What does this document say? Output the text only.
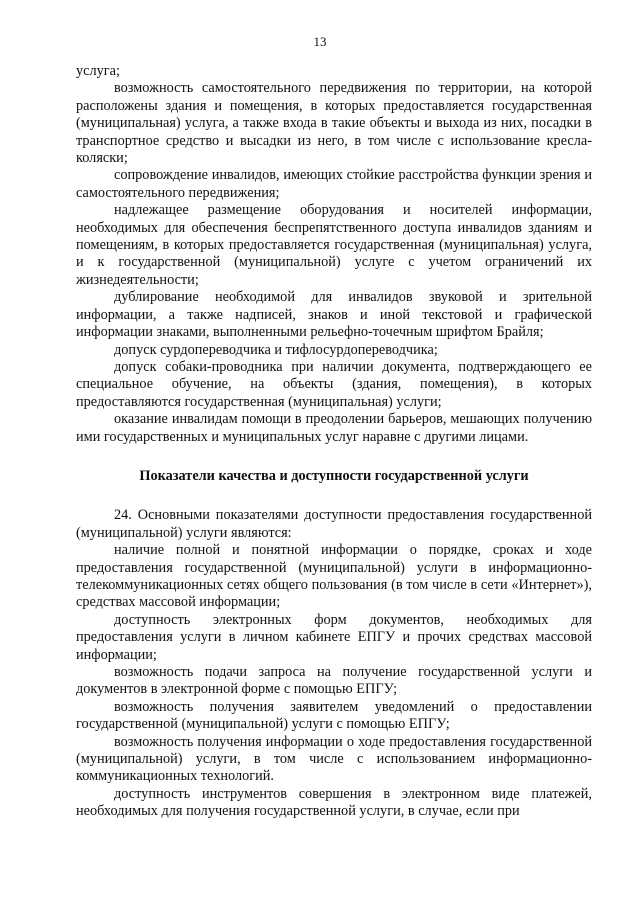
13

услуга;

возможность самостоятельного передвижения по территории, на которой расположены здания и помещения, в которых предоставляется государственная (муниципальная) услуга, а также входа в такие объекты и выхода из них, посадки в транспортное средство и высадки из него, в том числе с использование кресла-коляски;

сопровождение инвалидов, имеющих стойкие расстройства функции зрения и самостоятельного передвижения;

надлежащее размещение оборудования и носителей информации, необходимых для обеспечения беспрепятственного доступа инвалидов зданиям и помещениям, в которых предоставляется государственная (муниципальная) услуга, и к государственной (муниципальной) услуге с учетом ограничений их жизнедеятельности;

дублирование необходимой для инвалидов звуковой и зрительной информации, а также надписей, знаков и иной текстовой и графической информации знаками, выполненными рельефно-точечным шрифтом Брайля;

допуск сурдопереводчика и тифлосурдопереводчика;

допуск собаки-проводника при наличии документа, подтверждающего ее специальное обучение, на объекты (здания, помещения), в которых предоставляются государственная (муниципальная) услуги;

оказание инвалидам помощи в преодолении барьеров, мешающих получению ими государственных и муниципальных услуг наравне с другими лицами.

Показатели качества и доступности государственной услуги

24. Основными показателями доступности предоставления государственной (муниципальной) услуги являются:

наличие полной и понятной информации о порядке, сроках и ходе предоставления государственной (муниципальной) услуги в информационно-телекоммуникационных сетях общего пользования (в том числе в сети «Интернет»), средствах массовой информации;

доступность электронных форм документов, необходимых для предоставления услуги в личном кабинете ЕПГУ и прочих средствах массовой информации;

возможность подачи запроса на получение государственной услуги и документов в электронной форме с помощью ЕПГУ;

возможность получения заявителем уведомлений о предоставлении государственной (муниципальной) услуги с помощью ЕПГУ;

возможность получения информации о ходе предоставления государственной (муниципальной) услуги, в том числе с использованием информационно-коммуникационных технологий.

доступность инструментов совершения в электронном виде платежей, необходимых для получения государственной услуги, в случае, если при
